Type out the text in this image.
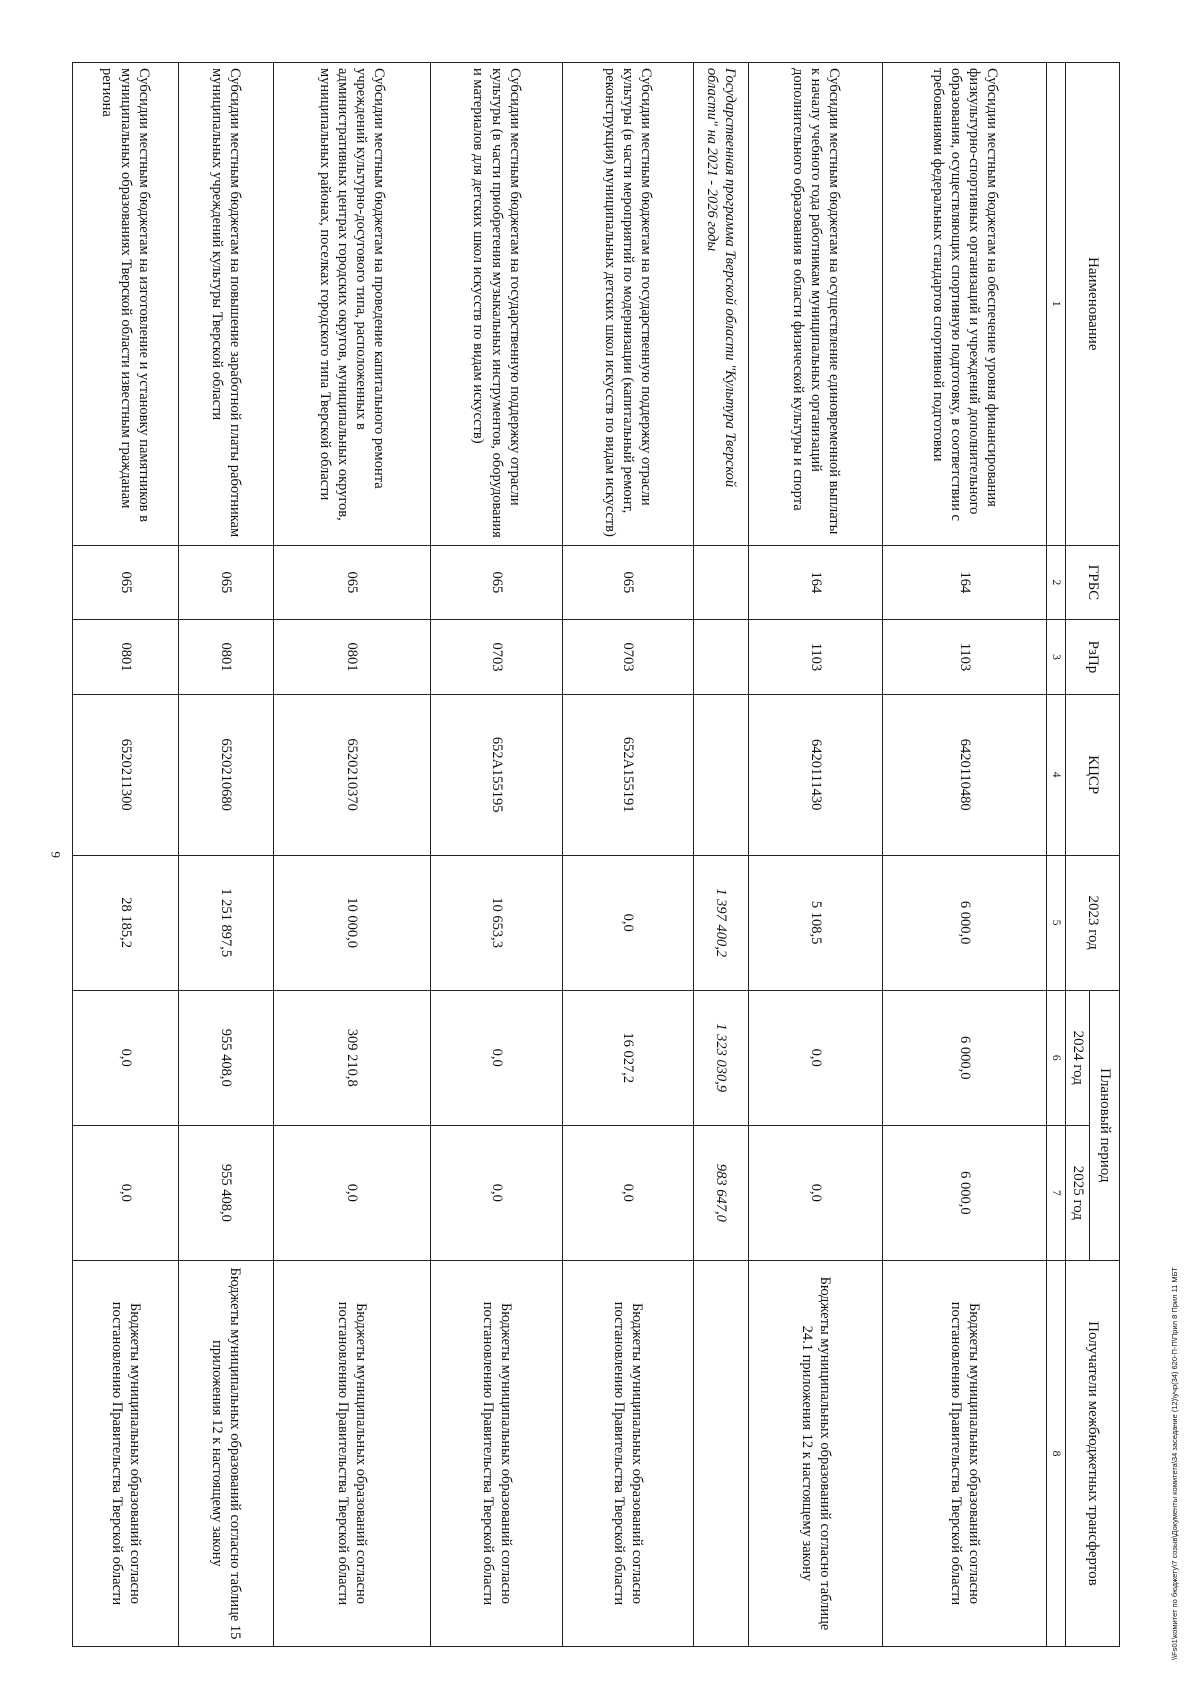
6
Наименование	ГРБС	РзПр	КЦСР	2023 год	Плановый период		Получатели межбюджетных трансфертов
					2024 год	2025 год	
1	2	3	4	5	6	7	8
Субсидии местным бюджетам на обеспечение уровня финансирования физкультурно-спортивных организаций и учреждений дополнительного образования, осуществляющих спортивную подготовку, в соответствии с требованиями федеральных стандартов спортивной подготовки	164	1103	6420110480	6 000,0	6 000,0	6 000,0	Бюджеты муниципальных образований согласно постановлению Правительства Тверской области
Субсидии местным бюджетам на осуществление единовременной выплаты к началу учебного года работникам муниципальных организаций дополнительного образования в области физической культуры и спорта	164	1103	6420111430	5 108,5	0,0	0,0	Бюджеты муниципальных образований согласно таблице 24.1 приложения 12 к настоящему закону
Государственная программа Тверской области "Культура Тверской области" на 2021 - 2026 годы				1 397 400,2	1 323 030,9	983 647,0	
Субсидии местным бюджетам на государственную поддержку отрасли культуры (в части мероприятий по модернизации (капитальный ремонт, реконструкция) муниципальных детских школ искусств по видам искусств)	065	0703	652A155191	0,0	16 027,2	0,0	Бюджеты муниципальных образований согласно постановлению Правительства Тверской области
Субсидии местным бюджетам на государственную поддержку отрасли культуры (в части приобретения музыкальных инструментов, оборудования и материалов для детских школ искусств по видам искусств)	065	0703	652A155195	10 653,3	0,0	0,0	Бюджеты муниципальных образований согласно постановлению Правительства Тверской области
Субсидии местным бюджетам на проведение капитального ремонта учреждений культурно-досугового типа, расположенных в административных центрах городских округов, муниципальных округов, муниципальных районах, поселках городского типа Тверской области	065	0801	6520210370	10 000,0	309 210,8	0,0	Бюджеты муниципальных образований согласно постановлению Правительства Тверской области
Субсидии местным бюджетам на повышение заработной платы работникам муниципальных учреждений культуры Тверской области	065	0801	6520210680	1 251 897,5	955 408,0	955 408,0	Бюджеты муниципальных образований согласно таблице 15 приложения 12 к настоящему закону
Субсидии местным бюджетам на изготовление и установку памятников в муниципальных образованиях Тверской области известным гражданам региона	065	0801	6520211300	28 185,2	0,0	0,0	Бюджеты муниципальных образований согласно постановлению Правительства Тверской области	\\Fs01\комитет по бюджету\7 созыв\Документы комитета\34 заседание (12)\учр(34) 620-П-П\Прил 8 Прил 11 МБТ
